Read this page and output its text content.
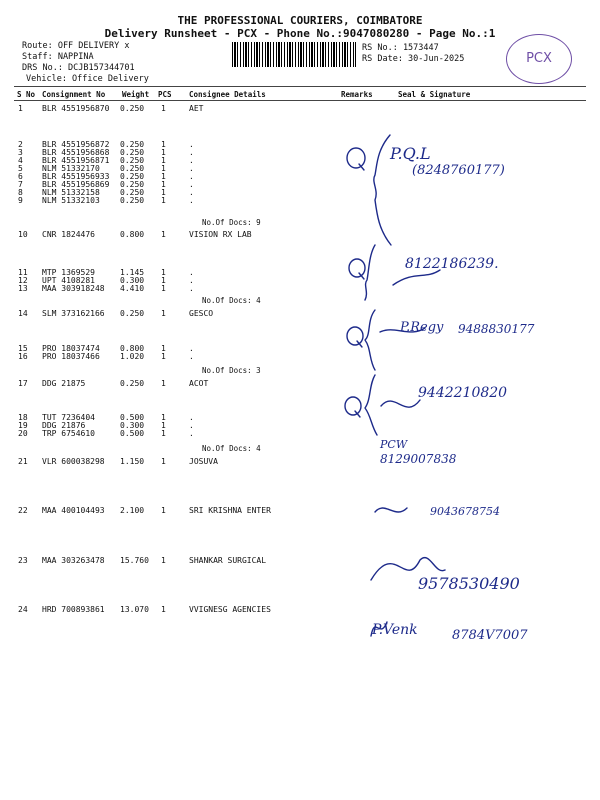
THE PROFESSIONAL COURIERS, COIMBATORE
Delivery Runsheet - PCX - Phone No.:9047080280 - Page No.:1
Route: OFF DELIVERY x
Staff: NAPPINA
DRS No.: DCJB157344701
Vehicle: Office Delivery
RS No.: 1573447
RS Date: 30-Jun-2025	PCX
S No Consignment No Weight PCS Consignee Details	Remarks	Seal & Signature
1 BLR 4551956870 0.250 1	AET
2 BLR 4551956872 0.250 1	.
3 BLR 4551956868 0.250 1	.
4 BLR 4551956871 0.250 1	.
5 NLM 51332170	0.250 1	.
6 BLR 4551956933 0.250 1	.
7 BLR 4551956869 0.250 1	.
8 NLM 51332158	0.250 1	.
9 NLM 51332103	0.250 1	.
10 CNR 1824476	0.800 1	VISION RX LAB
11 MTP 1369529	1.145 1	.
12 UPT 4108281	0.300 1	.
13 MAA 303918248 4.410 1	.
14 SLM 373162166 0.250 1	GESCO
15 PRO 18037474	0.800 1	.
16 PRO 18037466	1.020 1	.
17 DDG 21875	0.250 1	ACOT
18 TUT 7236404	0.500 1	.
19 DDG 21876	0.300 1	.
20 TRP 6754610	0.500 1	.
21 VLR 600038298 1.150 1	JOSUVA
22 MAA 400104493 2.100 1	SRI KRISHNA ENTER
23 MAA 303263478 15.760 1	SHANKAR SURGICAL
24 HRD 700893861 13.070 1	VVIGNESG AGENCIES
No.Of Docs: 9
No.Of Docs: 4
No.Of Docs: 3
No.Of Docs: 4
P.Q.L
(8248760177)
8122186239.
P.Regy 9488830177
9442210820
PCW
8129007838
9043678754
9578530490
P.Venk	8784V7007
